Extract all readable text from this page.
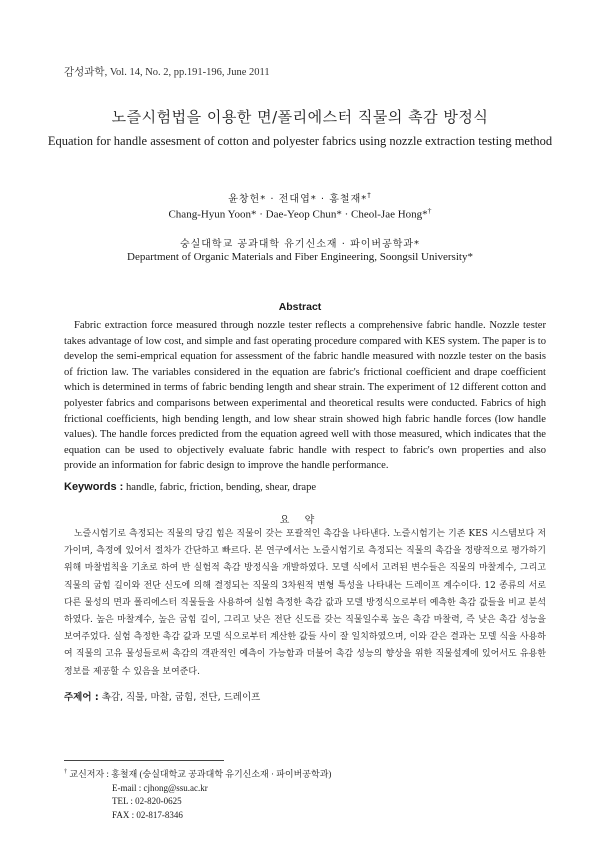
감성과학, Vol. 14, No. 2, pp.191-196, June 2011
노즐시험법을 이용한 면/폴리에스터 직물의 촉감 방정식
Equation for handle assesment of cotton and polyester fabrics using nozzle extraction testing method
윤창헌* · 전대엽* · 홍철재*†
Chang-Hyun Yoon* · Dae-Yeop Chun* · Cheol-Jae Hong*†
숭실대학교 공과대학 유기신소재 · 파이버공학과*
Department of Organic Materials and Fiber Engineering, Soongsil University*
Abstract
Fabric extraction force measured through nozzle tester reflects a comprehensive fabric handle. Nozzle tester takes advantage of low cost, and simple and fast operating procedure compared with KES system. The paper is to develop the semi-emprical equation for assessment of the fabric handle measured with nozzle tester on the basis of friction law. The variables considered in the equation are fabric's frictional coefficient and drape coefficient which is determined in terms of fabric bending length and shear strain. The experiment of 12 different cotton and polyester fabrics and comparisons between experimental and theoretical results were conducted. Fabrics of high frictional coefficients, high bending length, and low shear strain showed high fabric handle forces (low handle values). The handle forces predicted from the equation agreed well with those measured, which indicates that the equation can be used to objectively evaluate fabric handle with respect to fabric's own properties and also provide an information for fabric design to improve the handle performance.
Keywords : handle, fabric, friction, bending, shear, drape
요 약
노즐시험기로 측정되는 직물의 당김 힘은 직물이 갖는 포괄적인 촉감을 나타낸다. 노즐시험기는 기존 KES 시스템보다 저가이며, 측정에 있어서 절차가 간단하고 빠르다. 본 연구에서는 노즐시험기로 측정되는 직물의 촉감을 정량적으로 평가하기 위해 마찰법칙을 기초로 하여 반 실험적 촉감 방정식을 개발하였다. 모델 식에서 고려된 변수들은 직물의 마찰계수, 그리고 직물의 굽힘 길이와 전단 신도에 의해 결정되는 직물의 3차원적 변형 특성을 나타내는 드레이프 계수이다. 12 종류의 서로 다른 물성의 면과 폴리에스터 직물들을 사용하여 실험 측정한 촉감 값과 모델 방정식으로부터 예측한 촉감 값들을 비교 분석하였다. 높은 마찰계수, 높은 굽힘 길이, 그리고 낮은 전단 신도를 갖는 직물일수록 높은 촉감 마찰력, 즉 낮은 촉감 성능을 보여주었다. 실험 측정한 촉감 값과 모델 식으로부터 계산한 값들 사이 잘 일치하였으며, 이와 같은 결과는 모델 식을 사용하여 직물의 고유 물성들로써 촉감의 객관적인 예측이 가능함과 더불어 촉감 성능의 향상을 위한 직물설계에 있어서도 유용한 정보를 제공할 수 있음을 보여준다.
주제어 : 촉감, 직물, 마찰, 굽힘, 전단, 드레이프
† 교신저자 : 홍철재 (숭실대학교 공과대학 유기신소재 · 파이버공학과)
E-mail : cjhong@ssu.ac.kr
TEL : 02-820-0625
FAX : 02-817-8346
